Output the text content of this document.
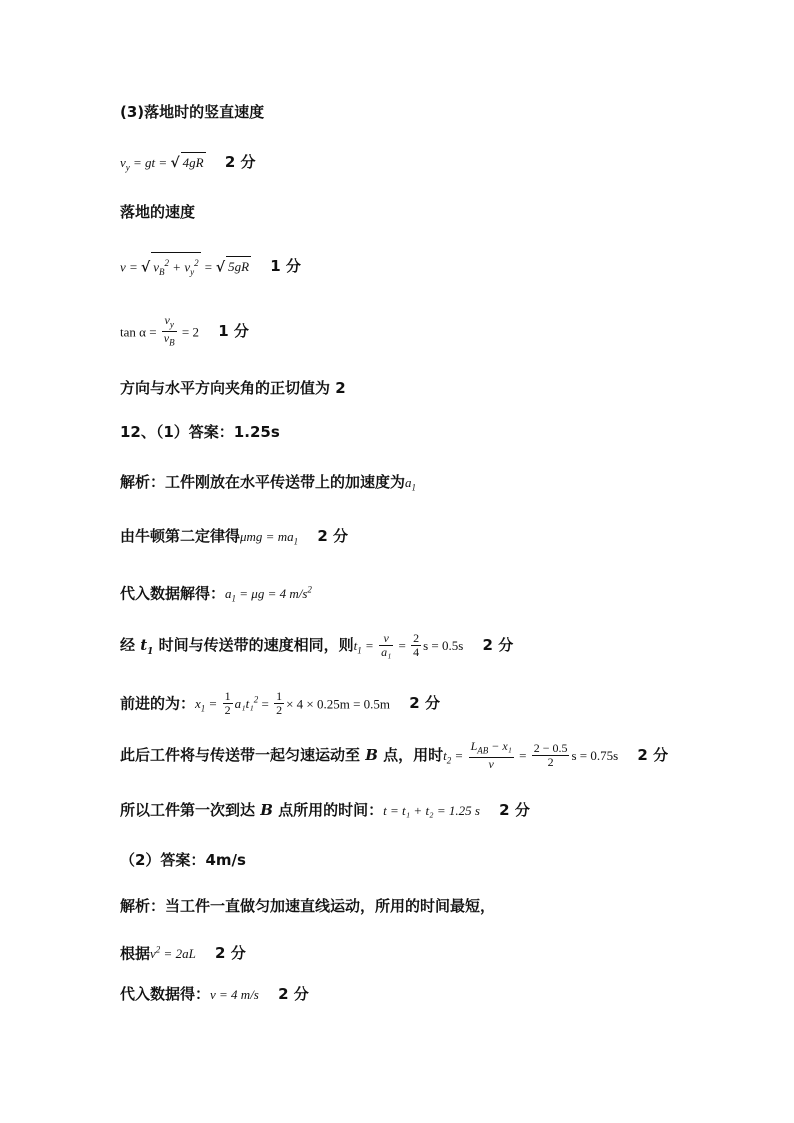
(3)落地时的竖直速度
$v_y$ = gt = √ 4gR 2 分
落地的速度
v = √ $v_B^2 + v_y^2$ = √ 5gR 1 分
$\tan \alpha = \frac{v_y}{v_B} = 2$ 1 分
方向与水平方向夹角的正切值为 2
12、（1）答案：1.25s
解析：工件刚放在水平传送带上的加速度为$a_1$
由牛顿第二定律得$\mu mg = ma_1$ 2 分
代入数据解得：$a_1 = \mu g = 4$ $m/s^2$
经 $t_1$ 时间与传送带的速度相同，则$t_1 = \frac{v}{\text{a₁}} = \frac{2}{4}$ s = 0.5s 2 分
前进的为：$x_1 = \frac{1}{2} a_1t_1^2 = \frac{1}{2} \times 4 \times 0.25m = 0.5m$ 2 分
此后工件将与传送带一起匀速运动至 B 点，用时$t_2 = \frac{L_{AB} - x_1}{v} = \frac{2 - 0.5}{2}$ s = 0.75s 2 分
所以工件第一次到达 B 点所用的时间：t = t₁ + t₂ = 1.25 s 2 分
（2）答案：4m/s
解析：当工件一直做匀加速直线运动，所用的时间最短，
根据$v^2 = 2aL$ 2 分
代入数据得：v = 4 m/s 2 分
